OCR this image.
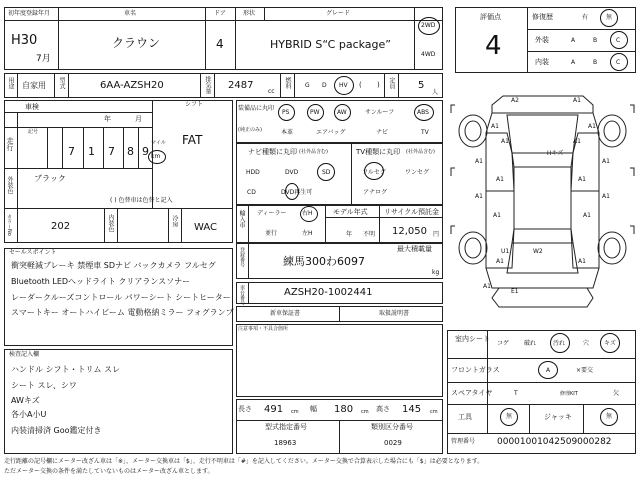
初年度登録年月
H30
7月
車名
クラウン
ドア
4
形状	グレード
HYBRID S“C package”
2WD
4WD
評価点
4
修復歴	有	無
外装	A	B	C
内装	A	B	C
用途 自家用 型式	6AA-AZSH20	排気量 2487
cc
燃料 G D HV ( ) 定員 5
人
車検
年	月
記号
走行
7 1 7 8 9
マイル
km
外装色	ブラック
( ) 色替車は色替と記入
カラーNo	202	内装色	冷房
WAC
シフト
FAT
セールスポイント
衝突軽減ブレーキ 禁煙車 SDナビ バックカメラ フルセグ
Bluetooth LEDヘッドライト クリアランスソナー
レーダークルーズコントロール パワーシート シートヒーター
スマートキー オートハイビーム 電動格納ミラー フォグランプ
検査記入欄
ハンドル シフト・トリム スレ
シート スレ、シワ
AWキズ
各小A小U
内装清掃済 Goo鑑定付き
装備品に丸印
(純正のみ)
PS	PW	AW	サンルーフ	ABS
本革	エアバッグ	ナビ	TV
ナビ種類に丸印 (社外品含む)
HDD	DVD	SD
CD	DVD再生可
TV種類に丸印 (社外品含む)
フルセグ	ワンセグ
アナログ
輸入車 ディーラー	右H
並行	左H
モデル年式
年 不明
リサイクル預託金
12,050 円
登録番号	最大積載量
練馬300わ6097
kg
車台番号	AZSH20-1002441
新車保証書	取扱説明書
注意事項・不具合箇所
長さ 491 cm 幅 180 cm 高さ 145 cm
型式指定番号
18963
類別区分番号
0029
A2	A1
A1	A1
A1	A1
A1	A1
A1	A1
A1	A1
A1	A1
A1	A1
A1
W2
U1
Hキズ
E1
室内シート
コゲ 破れ	汚れ	穴 キズ
フロントガラス	A	×要交
スペアタイヤ	T	修理KIT	欠
工具	無	ジャッキ	無
管理番号 000010010425090002​82
走行距離の記号欄にメーター改ざん車は「※」、メーター交換車は「$」、走行不明車は「#」を記入してください。メーター交換で合算表示した場合にも「$」は必要となります。
ただメーター交換の条件を満たしていないものはメーター改ざん車とします。
